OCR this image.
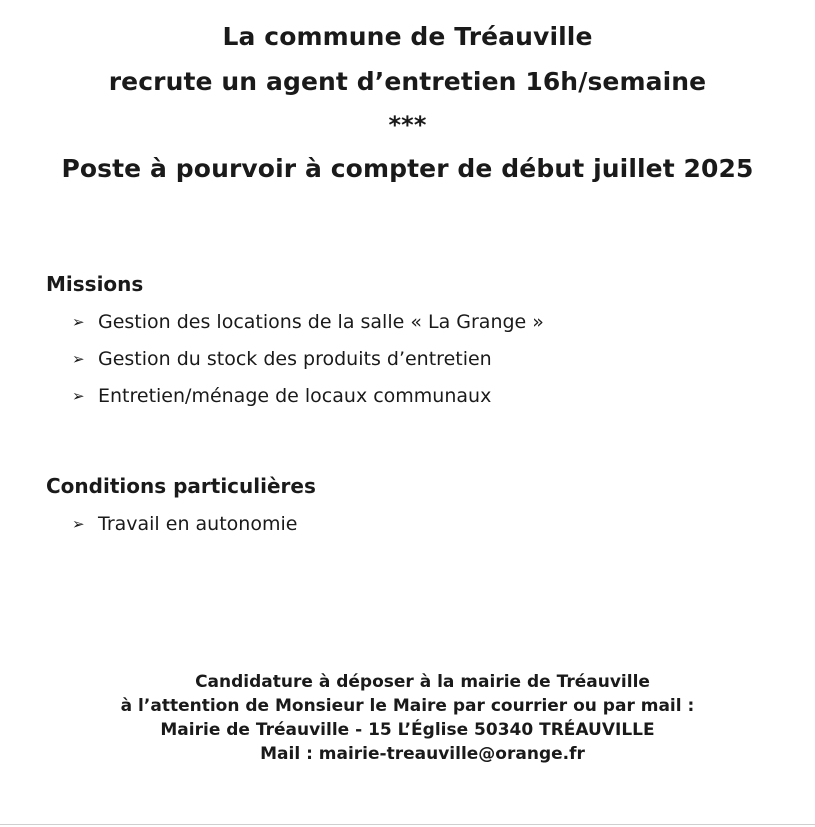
La commune de Tréauville
recrute un agent d’entretien 16h/semaine
***
Poste à pourvoir à compter de début juillet 2025
Missions
➢ Gestion des locations de la salle « La Grange »
➢ Gestion du stock des produits d’entretien
➢ Entretien/ménage de locaux communaux
Conditions particulières
➢ Travail en autonomie
Candidature à déposer à la mairie de Tréauville
à l’attention de Monsieur le Maire par courrier ou par mail :
Mairie de Tréauville - 15 L’Église 50340 TRÉAUVILLE
Mail : mairie-treauville@orange.fr
